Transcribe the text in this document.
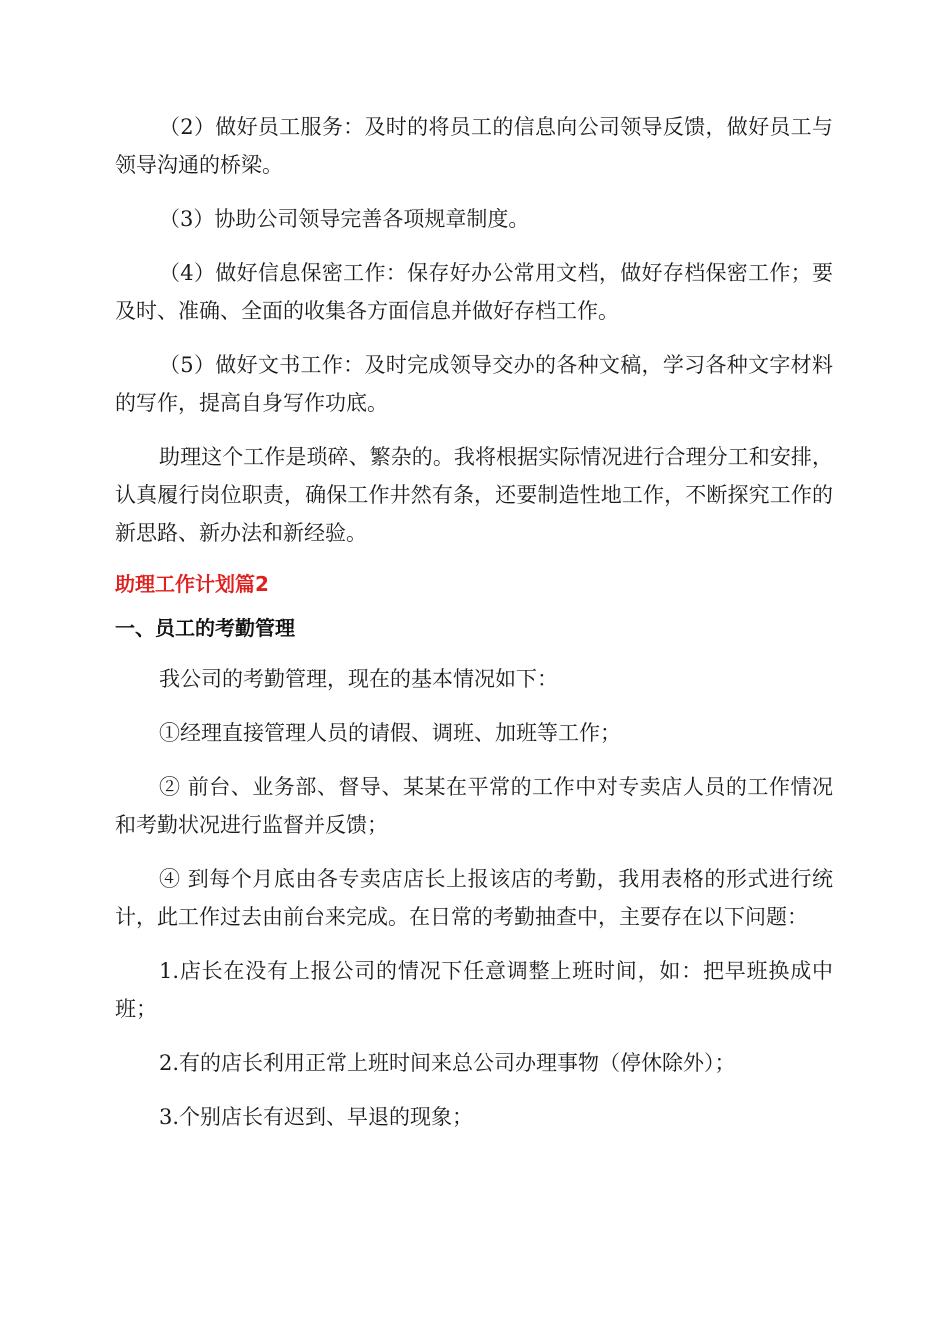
（2）做好员工服务：及时的将员工的信息向公司领导反馈，做好员工与领导沟通的桥梁。

（3）协助公司领导完善各项规章制度。

（4）做好信息保密工作：保存好办公常用文档，做好存档保密工作；要及时、准确、全面的收集各方面信息并做好存档工作。

（5）做好文书工作：及时完成领导交办的各种文稿，学习各种文字材料的写作，提高自身写作功底。

助理这个工作是琐碎、繁杂的。我将根据实际情况进行合理分工和安排，认真履行岗位职责，确保工作井然有条，还要制造性地工作，不断探究工作的新思路、新办法和新经验。

助理工作计划篇2
一、员工的考勤管理

我公司的考勤管理，现在的基本情况如下：

①经理直接管理人员的请假、调班、加班等工作；

② 前台、业务部、督导、某某在平常的工作中对专卖店人员的工作情况和考勤状况进行监督并反馈；

④ 到每个月底由各专卖店店长上报该店的考勤，我用表格的形式进行统计，此工作过去由前台来完成。在日常的考勤抽查中，主要存在以下问题：

1.店长在没有上报公司的情况下任意调整上班时间，如：把早班换成中班；

2.有的店长利用正常上班时间来总公司办理事物（停休除外）；

3.个别店长有迟到、早退的现象；
